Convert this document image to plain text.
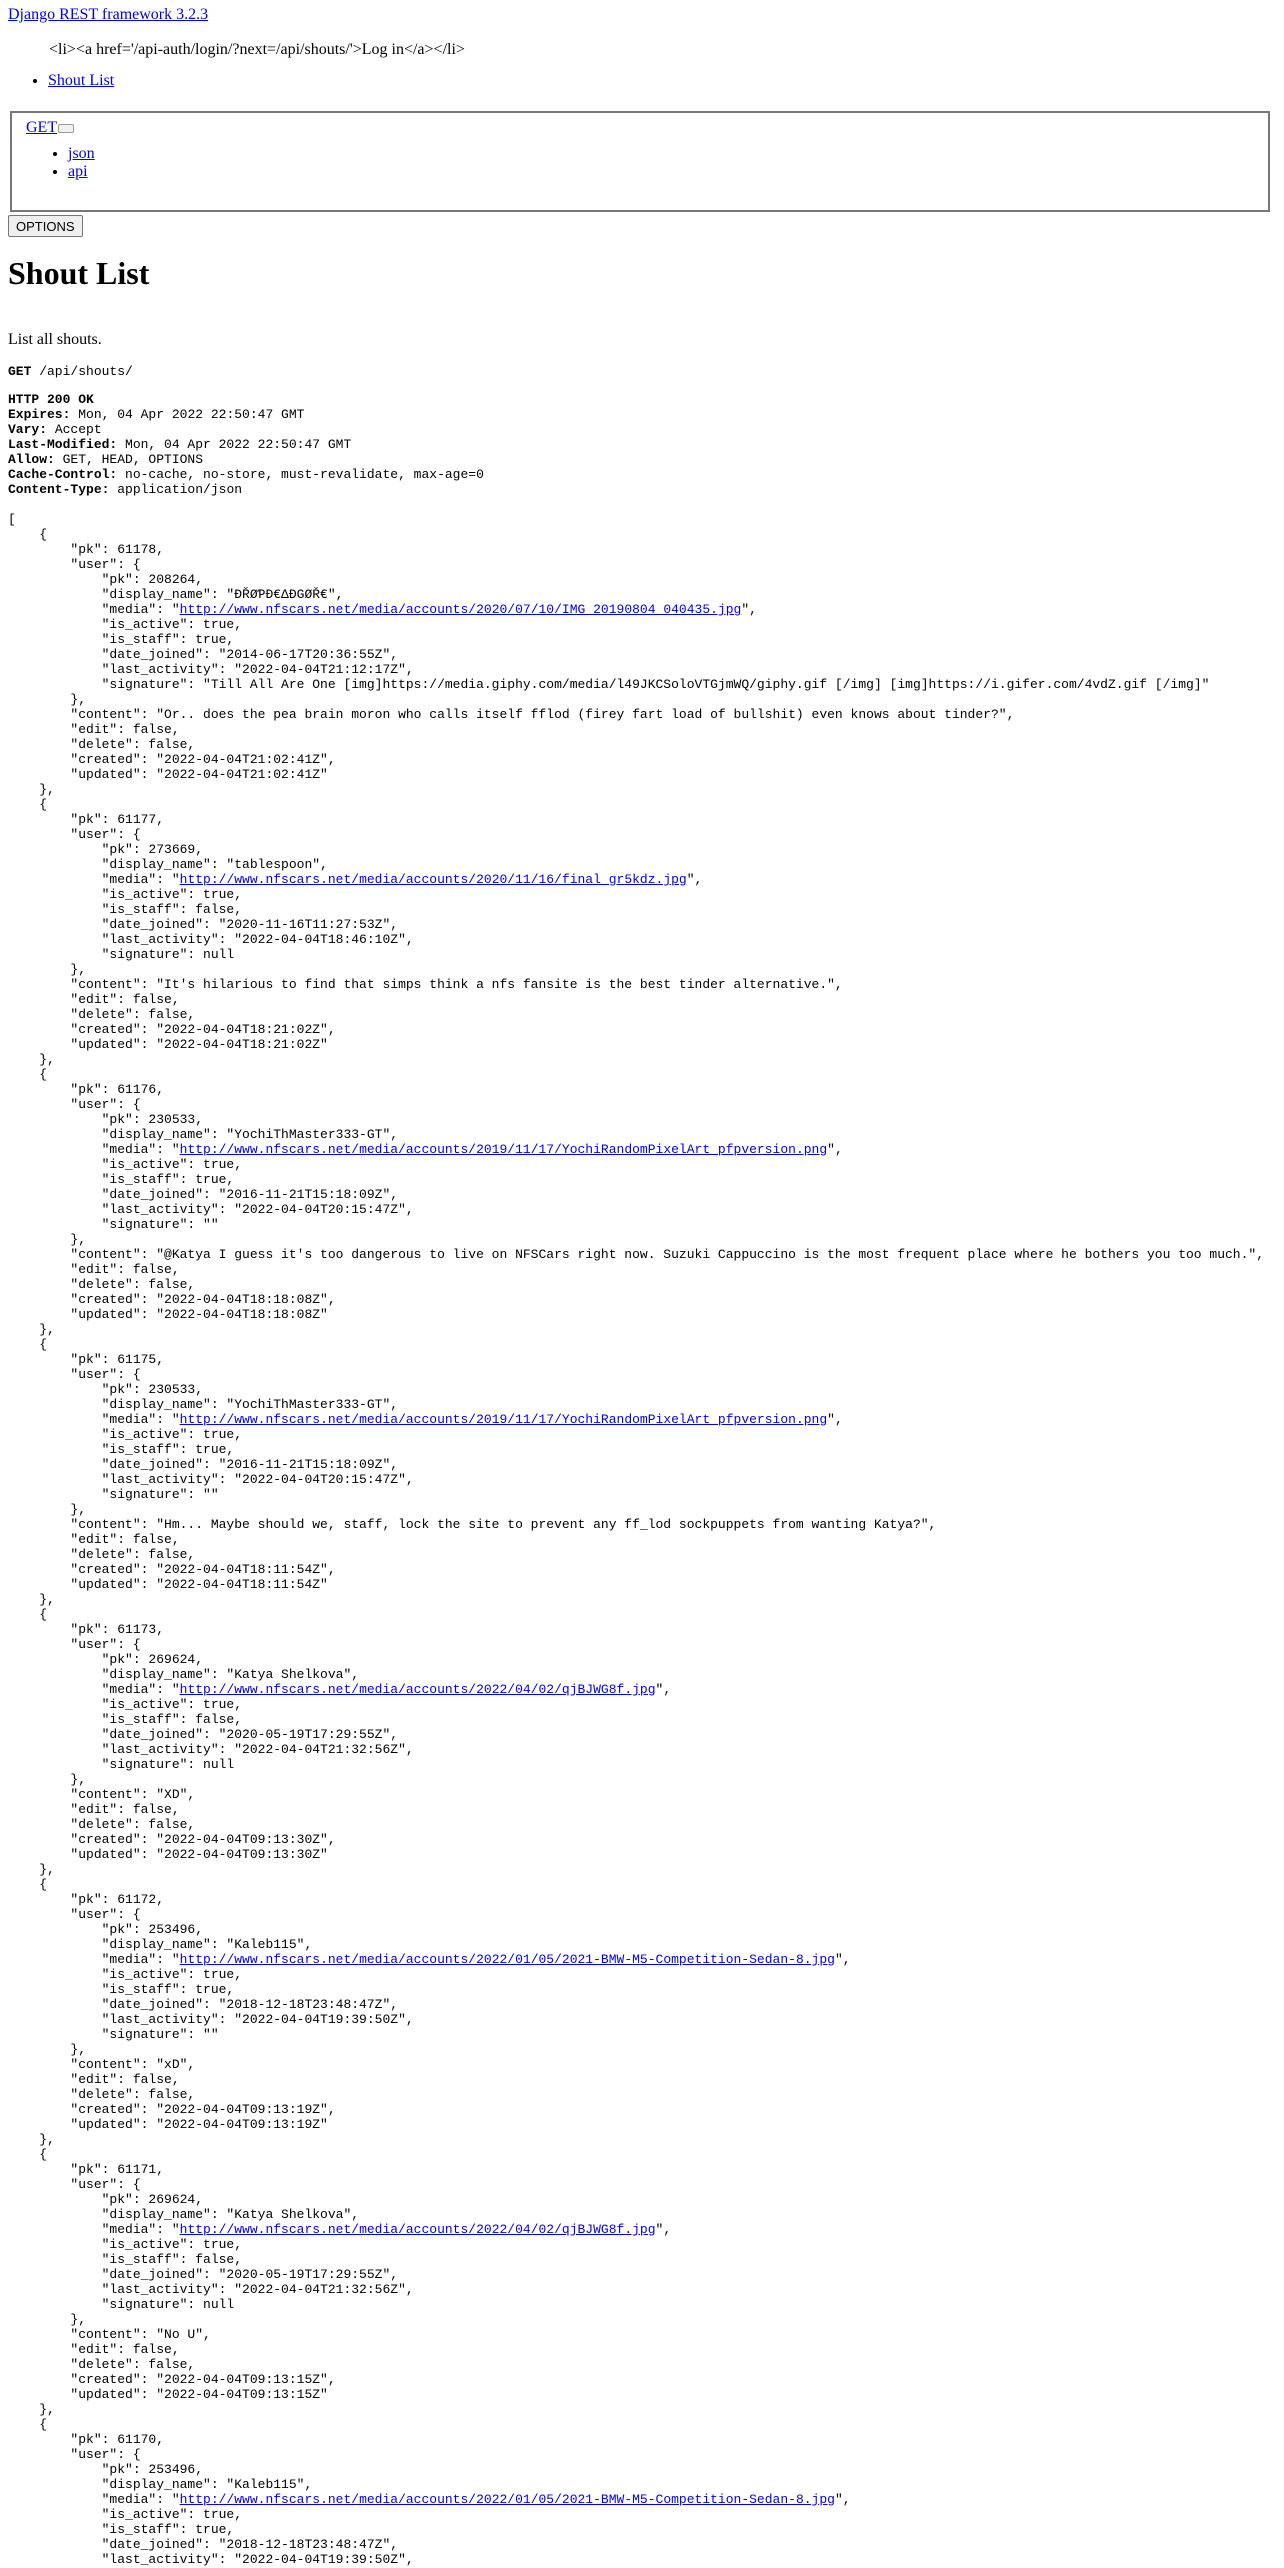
Django REST framework 3.2.3
<li><a href='/api-auth/login/?next=/api/shouts/'>Log in</a></li>
• Shout List
GET
• json
• api
OPTIONS
Shout List

List all shouts.

GET /api/shouts/
HTTP 200 OK
Expires: Mon, 04 Apr 2022 22:50:47 GMT
Vary: Accept
Last-Modified: Mon, 04 Apr 2022 22:50:47 GMT
Allow: GET, HEAD, OPTIONS
Cache-Control: no-cache, no-store, must-revalidate, max-age=0
Content-Type: application/json
[
{
"pk": 61178,
"user": {
"pk": 208264,
"display_name": "ÐŘØƤÐ€ΔÐGØŘ€",
"media": "http://www.nfscars.net/media/accounts/2020/07/10/IMG_20190804_040435.jpg",
"is_active": true,
"is_staff": true,
"date_joined": "2014-06-17T20:36:55Z",
"last_activity": "2022-04-04T21:12:17Z",
"signature": "Till All Are One [img]https://media.giphy.com/media/l49JKCSoloVTGjmWQ/giphy.gif [/img] [img]https://i.gifer.com/4vdZ.gif [/img]"
},
"content": "Or.. does the pea brain moron who calls itself fflod (firey fart load of bullshit) even knows about tinder?",
"edit": false,
"delete": false,
"created": "2022-04-04T21:02:41Z",
"updated": "2022-04-04T21:02:41Z"
},
{
"pk": 61177,
"user": {
"pk": 273669,
"display_name": "tablespoon",
"media": "http://www.nfscars.net/media/accounts/2020/11/16/final_gr5kdz.jpg",
"is_active": true,
"is_staff": false,
"date_joined": "2020-11-16T11:27:53Z",
"last_activity": "2022-04-04T18:46:10Z",
"signature": null
},
"content": "It's hilarious to find that simps think a nfs fansite is the best tinder alternative.",
"edit": false,
"delete": false,
"created": "2022-04-04T18:21:02Z",
"updated": "2022-04-04T18:21:02Z"
},
{
"pk": 61176,
"user": {
"pk": 230533,
"display_name": "YochiThMaster333-GT",
"media": "http://www.nfscars.net/media/accounts/2019/11/17/YochiRandomPixelArt_pfpversion.png",
"is_active": true,
"is_staff": true,
"date_joined": "2016-11-21T15:18:09Z",
"last_activity": "2022-04-04T20:15:47Z",
"signature": ""
},
"content": "@Katya I guess it's too dangerous to live on NFSCars right now. Suzuki Cappuccino is the most frequent place where he bothers you too much.",
"edit": false,
"delete": false,
"created": "2022-04-04T18:18:08Z",
"updated": "2022-04-04T18:18:08Z"
},
{
"pk": 61175,
"user": {
"pk": 230533,
"display_name": "YochiThMaster333-GT",
"media": "http://www.nfscars.net/media/accounts/2019/11/17/YochiRandomPixelArt_pfpversion.png",
"is_active": true,
"is_staff": true,
"date_joined": "2016-11-21T15:18:09Z",
"last_activity": "2022-04-04T20:15:47Z",
"signature": ""
},
"content": "Hm... Maybe should we, staff, lock the site to prevent any ff_lod sockpuppets from wanting Katya?",
"edit": false,
"delete": false,
"created": "2022-04-04T18:11:54Z",
"updated": "2022-04-04T18:11:54Z"
},
{
"pk": 61173,
"user": {
"pk": 269624,
"display_name": "Katya Shelkova",
"media": "http://www.nfscars.net/media/accounts/2022/04/02/qjBJWG8f.jpg",
"is_active": true,
"is_staff": false,
"date_joined": "2020-05-19T17:29:55Z",
"last_activity": "2022-04-04T21:32:56Z",
"signature": null
},
"content": "XD",
"edit": false,
"delete": false,
"created": "2022-04-04T09:13:30Z",
"updated": "2022-04-04T09:13:30Z"
},
{
"pk": 61172,
"user": {
"pk": 253496,
"display_name": "Kaleb115",
"media": "http://www.nfscars.net/media/accounts/2022/01/05/2021-BMW-M5-Competition-Sedan-8.jpg",
"is_active": true,
"is_staff": true,
"date_joined": "2018-12-18T23:48:47Z",
"last_activity": "2022-04-04T19:39:50Z",
"signature": ""
},
"content": "xD",
"edit": false,
"delete": false,
"created": "2022-04-04T09:13:19Z",
"updated": "2022-04-04T09:13:19Z"
},
{
"pk": 61171,
"user": {
"pk": 269624,
"display_name": "Katya Shelkova",
"media": "http://www.nfscars.net/media/accounts/2022/04/02/qjBJWG8f.jpg",
"is_active": true,
"is_staff": false,
"date_joined": "2020-05-19T17:29:55Z",
"last_activity": "2022-04-04T21:32:56Z",
"signature": null
},
"content": "No U",
"edit": false,
"delete": false,
"created": "2022-04-04T09:13:15Z",
"updated": "2022-04-04T09:13:15Z"
},
{
"pk": 61170,
"user": {
"pk": 253496,
"display_name": "Kaleb115",
"media": "http://www.nfscars.net/media/accounts/2022/01/05/2021-BMW-M5-Competition-Sedan-8.jpg",
"is_active": true,
"is_staff": true,
"date_joined": "2018-12-18T23:48:47Z",
"last_activity": "2022-04-04T19:39:50Z",
